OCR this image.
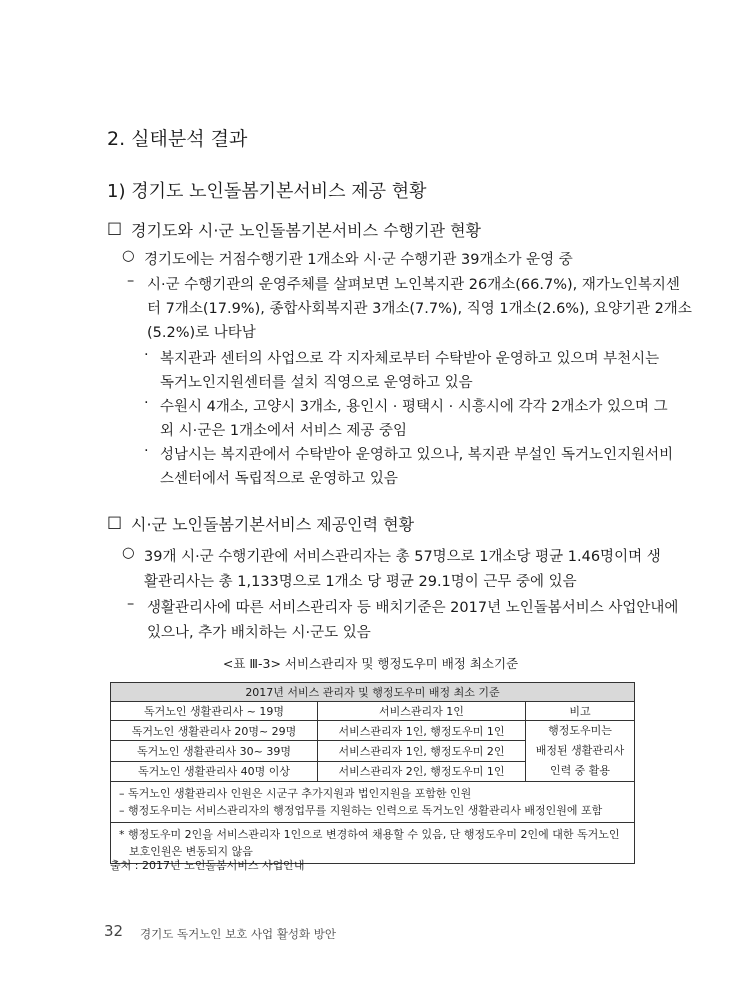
2. 실태분석 결과
1) 경기도 노인돌봄기본서비스 제공 현황
□ 경기도와 시·군 노인돌봄기본서비스 수행기관 현황
○ 경기도에는 거점수행기관 1개소와 시·군 수행기관 39개소가 운영 중
– 시·군 수행기관의 운영주체를 살펴보면 노인복지관 26개소(66.7%), 재가노인복지센
터 7개소(17.9%), 종합사회복지관 3개소(7.7%), 직영 1개소(2.6%), 요양기관 2개소
(5.2%)로 나타남
· 복지관과 센터의 사업으로 각 지자체로부터 수탁받아 운영하고 있으며 부천시는
독거노인지원센터를 설치 직영으로 운영하고 있음
· 수원시 4개소, 고양시 3개소, 용인시 · 평택시 · 시흥시에 각각 2개소가 있으며 그
외 시·군은 1개소에서 서비스 제공 중임
· 성남시는 복지관에서 수탁받아 운영하고 있으나, 복지관 부설인 독거노인지원서비
스센터에서 독립적으로 운영하고 있음
□ 시·군 노인돌봄기본서비스 제공인력 현황
○ 39개 시·군 수행기관에 서비스관리자는 총 57명으로 1개소당 평균 1.46명이며 생
활관리사는 총 1,133명으로 1개소 당 평균 29.1명이 근무 중에 있음
– 생활관리사에 따른 서비스관리자 등 배치기준은 2017년 노인돌봄서비스 사업안내에
있으나, 추가 배치하는 시·군도 있음
<표 Ⅲ-3> 서비스관리자 및 행정도우미 배정 최소기준
2017년 서비스 관리자 및 행정도우미 배정 최소 기준		
독거노인 생활관리사 ~ 19명	서비스관리자 1인	비고
독거노인 생활관리사 20명~ 29명	서비스관리자 1인, 행정도우미 1인	행정도우미는
배정된 생활관리사
인력 중 활용

독거노인 생활관리사 30~ 39명	서비스관리자 1인, 행정도우미 2인	
독거노인 생활관리사 40명 이상	서비스관리자 2인, 행정도우미 1인	

– 독거노인 생활관리사 인원은 시군구 추가지원과 법인지원을 포함한 인원
– 행정도우미는 서비스관리자의 행정업무를 지원하는 인력으로 독거노인 생활관리사 배정인원에 포함		

* 행정도우미 2인을 서비스관리자 1인으로 변경하여 채용할 수 있음, 단 행정도우미 2인에 대한 독거노인
보호인원은 변동되지 않음		
출처 : 2017년 노인돌봄서비스 사업안내
32 경기도 독거노인 보호 사업 활성화 방안
